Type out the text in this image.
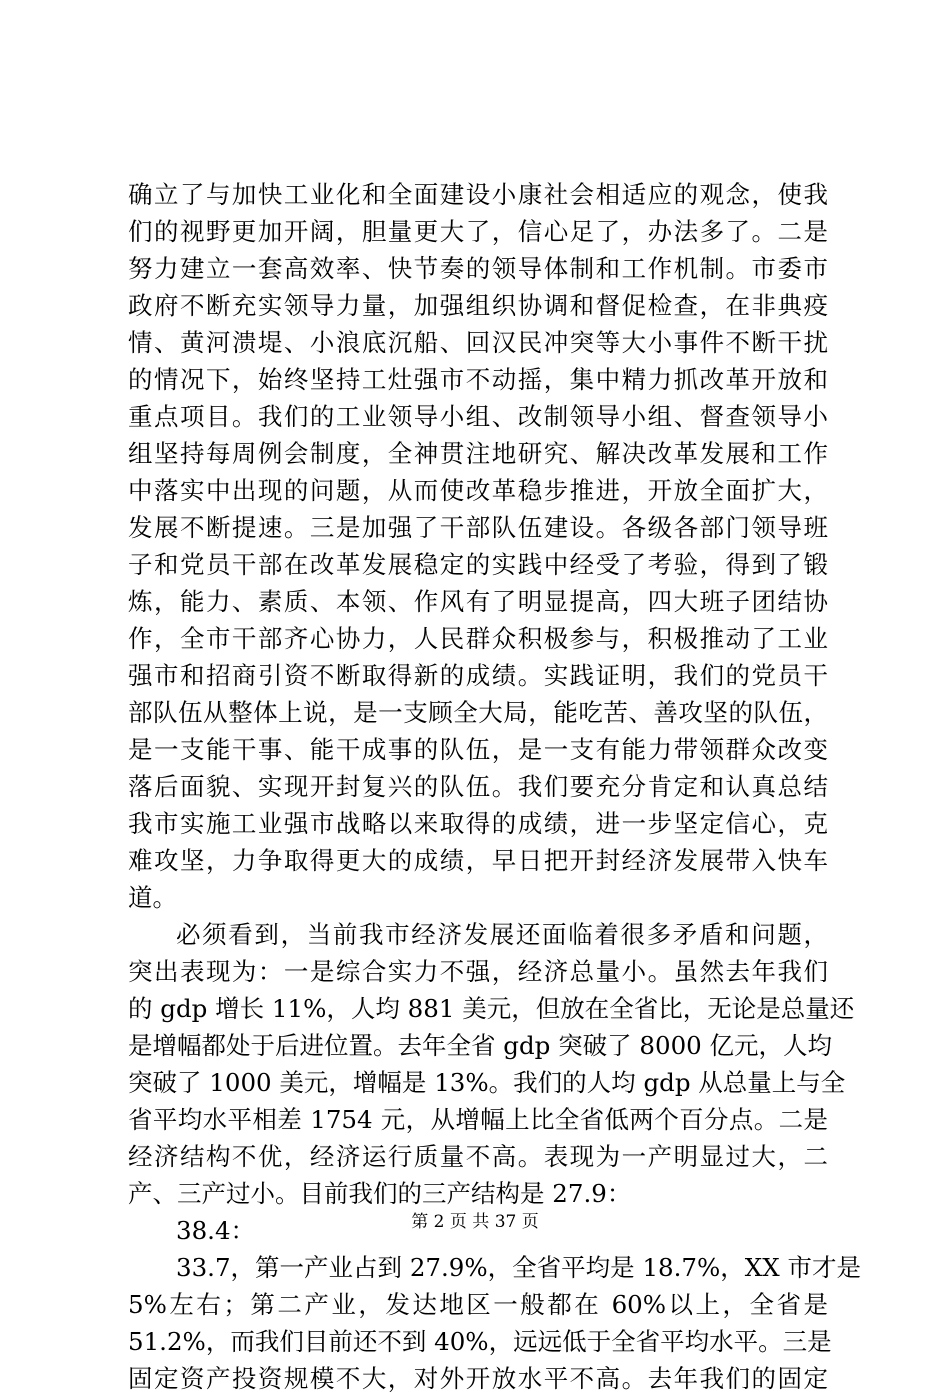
确立了与加快工业化和全面建设小康社会相适应的观念，使我
们的视野更加开阔，胆量更大了，信心足了，办法多了。二是
努力建立一套高效率、快节奏的领导体制和工作机制。市委市
政府不断充实领导力量，加强组织协调和督促检查，在非典疫
情、黄河溃堤、小浪底沉船、回汉民冲突等大小事件不断干扰
的情况下，始终坚持工灶强市不动摇，集中精力抓改革开放和
重点项目。我们的工业领导小组、改制领导小组、督查领导小
组坚持每周例会制度，全神贯注地研究、解决改革发展和工作
中落实中出现的问题，从而使改革稳步推进，开放全面扩大，
发展不断提速。三是加强了干部队伍建设。各级各部门领导班
子和党员干部在改革发展稳定的实践中经受了考验，得到了锻
炼，能力、素质、本领、作风有了明显提高，四大班子团结协
作，全市干部齐心协力，人民群众积极参与，积极推动了工业
强市和招商引资不断取得新的成绩。实践证明，我们的党员干
部队伍从整体上说，是一支顾全大局，能吃苦、善攻坚的队伍，
是一支能干事、能干成事的队伍，是一支有能力带领群众改变
落后面貌、实现开封复兴的队伍。我们要充分肯定和认真总结
我市实施工业强市战略以来取得的成绩，进一步坚定信心，克
难攻坚，力争取得更大的成绩，早日把开封经济发展带入快车
道。
必须看到，当前我市经济发展还面临着很多矛盾和问题，
突出表现为：一是综合实力不强，经济总量小。虽然去年我们
的 gdp 增长 11%，人均 881 美元，但放在全省比，无论是总量还
是增幅都处于后进位置。去年全省 gdp 突破了 8000 亿元，人均
突破了 1000 美元，增幅是 13%。我们的人均 gdp 从总量上与全
省平均水平相差 1754 元，从增幅上比全省低两个百分点。二是
经济结构不优，经济运行质量不高。表现为一产明显过大，二
产、三产过小。目前我们的三产结构是 27.9：
38.4：
33.7，第一产业占到 27.9%，全省平均是 18.7%，XX 市才是
5%左右；第二产业，发达地区一般都在 60%以上，全省是
51.2%，而我们目前还不到 40%，远远低于全省平均水平。三是
固定资产投资规模不大，对外开放水平不高。去年我们的固定
第 2 页 共 37 页
